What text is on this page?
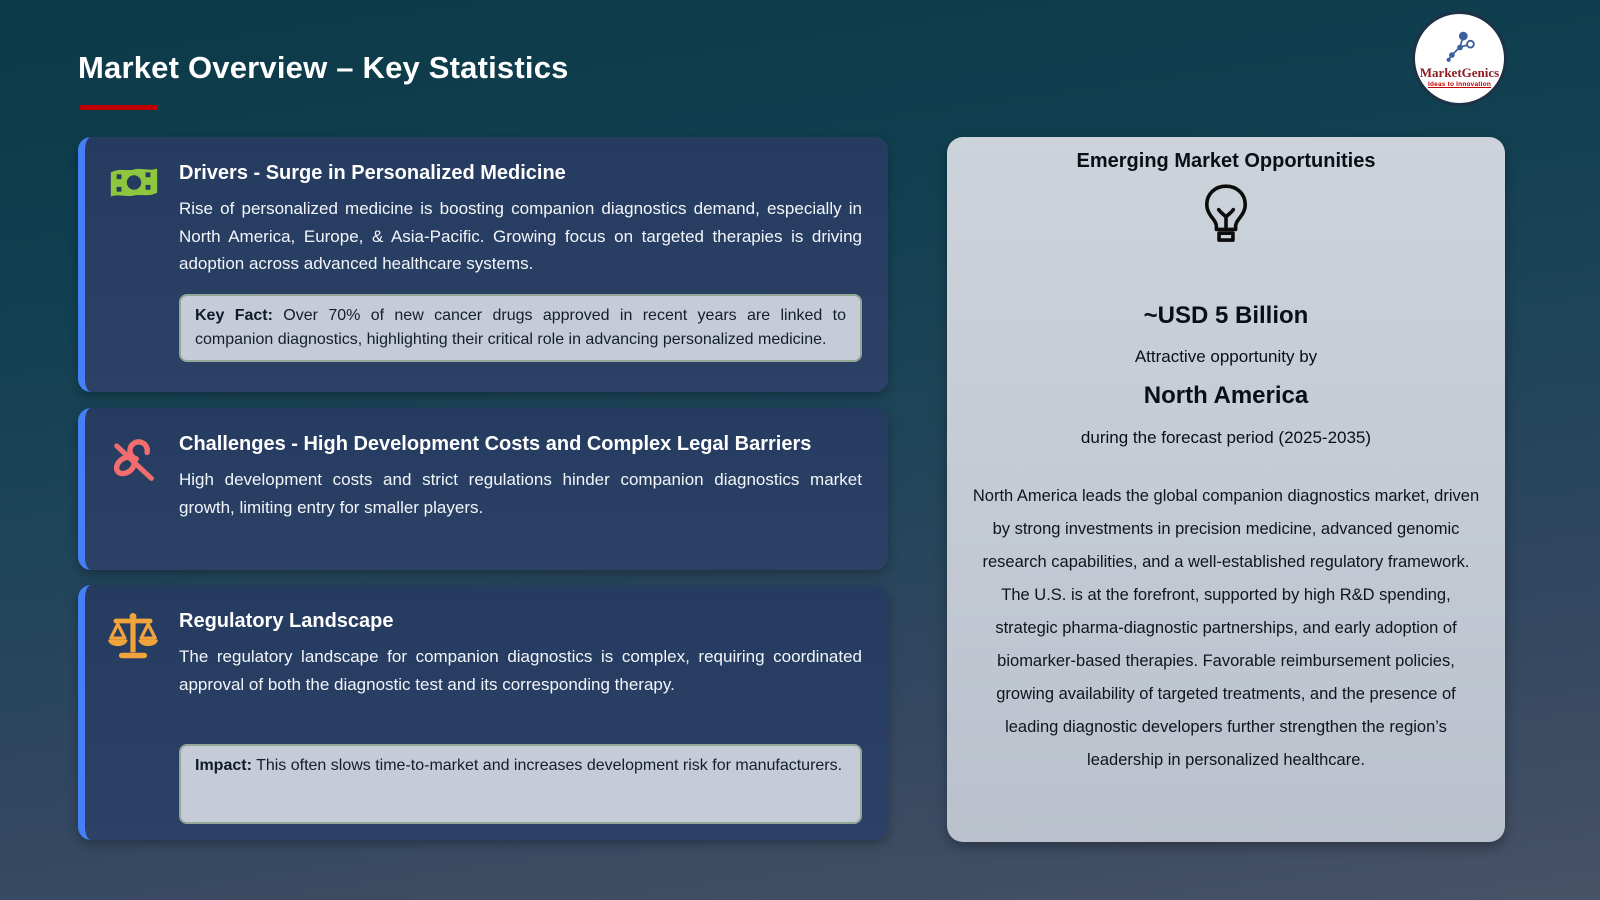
Market Overview – Key Statistics	MarketGenics
Ideas to Innovation
Drivers - Surge in Personalized Medicine
Rise of personalized medicine is boosting companion diagnostics demand, especially in North America, Europe, & Asia-Pacific. Growing focus on targeted therapies is driving adoption across advanced healthcare systems.
Key Fact: Over 70% of new cancer drugs approved in recent years are linked to companion diagnostics, highlighting their critical role in advancing personalized medicine.
Challenges - High Development Costs and Complex Legal Barriers
High development costs and strict regulations hinder companion diagnostics market growth, limiting entry for smaller players.
Regulatory Landscape
The regulatory landscape for companion diagnostics is complex, requiring coordinated approval of both the diagnostic test and its corresponding therapy.
Impact: This often slows time-to-market and increases development risk for manufacturers.
Emerging Market Opportunities
~USD 5 Billion
Attractive opportunity by
North America
during the forecast period (2025-2035)
North America leads the global companion diagnostics market, driven by strong investments in precision medicine, advanced genomic research capabilities, and a well-established regulatory framework. The U.S. is at the forefront, supported by high R&D spending, strategic pharma-diagnostic partnerships, and early adoption of biomarker-based therapies. Favorable reimbursement policies, growing availability of targeted treatments, and the presence of leading diagnostic developers further strengthen the region’s leadership in personalized healthcare.
